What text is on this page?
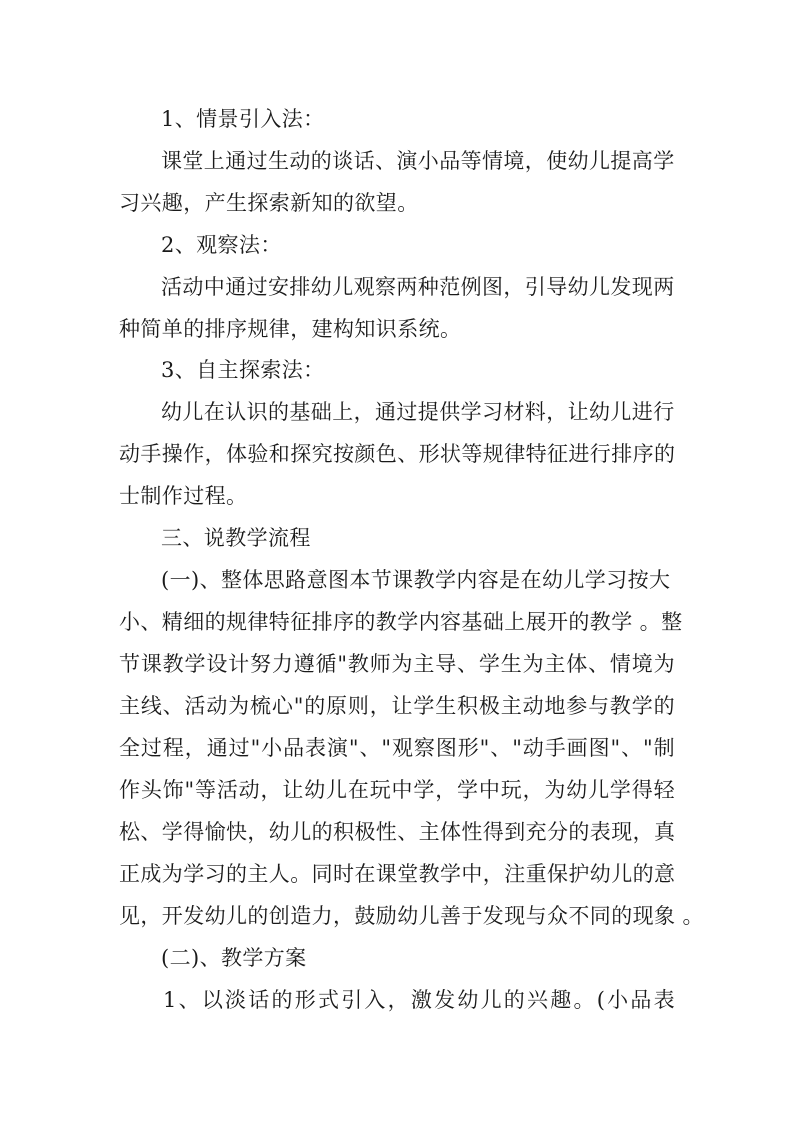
1、情景引入法：
课堂上通过生动的谈话、演小品等情境，使幼儿提高学
习兴趣，产生探索新知的欲望。
2、观察法：
活动中通过安排幼儿观察两种范例图，引导幼儿发现两
种简单的排序规律，建构知识系统。
3、自主探索法：
幼儿在认识的基础上，通过提供学习材料，让幼儿进行
动手操作，体验和探究按颜色、形状等规律特征进行排序的
士制作过程。
三、说教学流程
(一)、整体思路意图本节课教学内容是在幼儿学习按大
小、精细的规律特征排序的教学内容基础上展开的教学 。整
节课教学设计努力遵循"教师为主导、学生为主体、情境为
主线、活动为梳心"的原则，让学生积极主动地参与教学的
全过程，通过"小品表演"、"观察图形"、"动手画图"、"制
作头饰"等活动，让幼儿在玩中学，学中玩，为幼儿学得轻
松、学得愉快，幼儿的积极性、主体性得到充分的表现，真
正成为学习的主人。同时在课堂教学中，注重保护幼儿的意
见，开发幼儿的创造力，鼓励幼儿善于发现与众不同的现象 。
(二)、教学方案
1、以淡话的形式引入，激发幼儿的兴趣。(小品表
